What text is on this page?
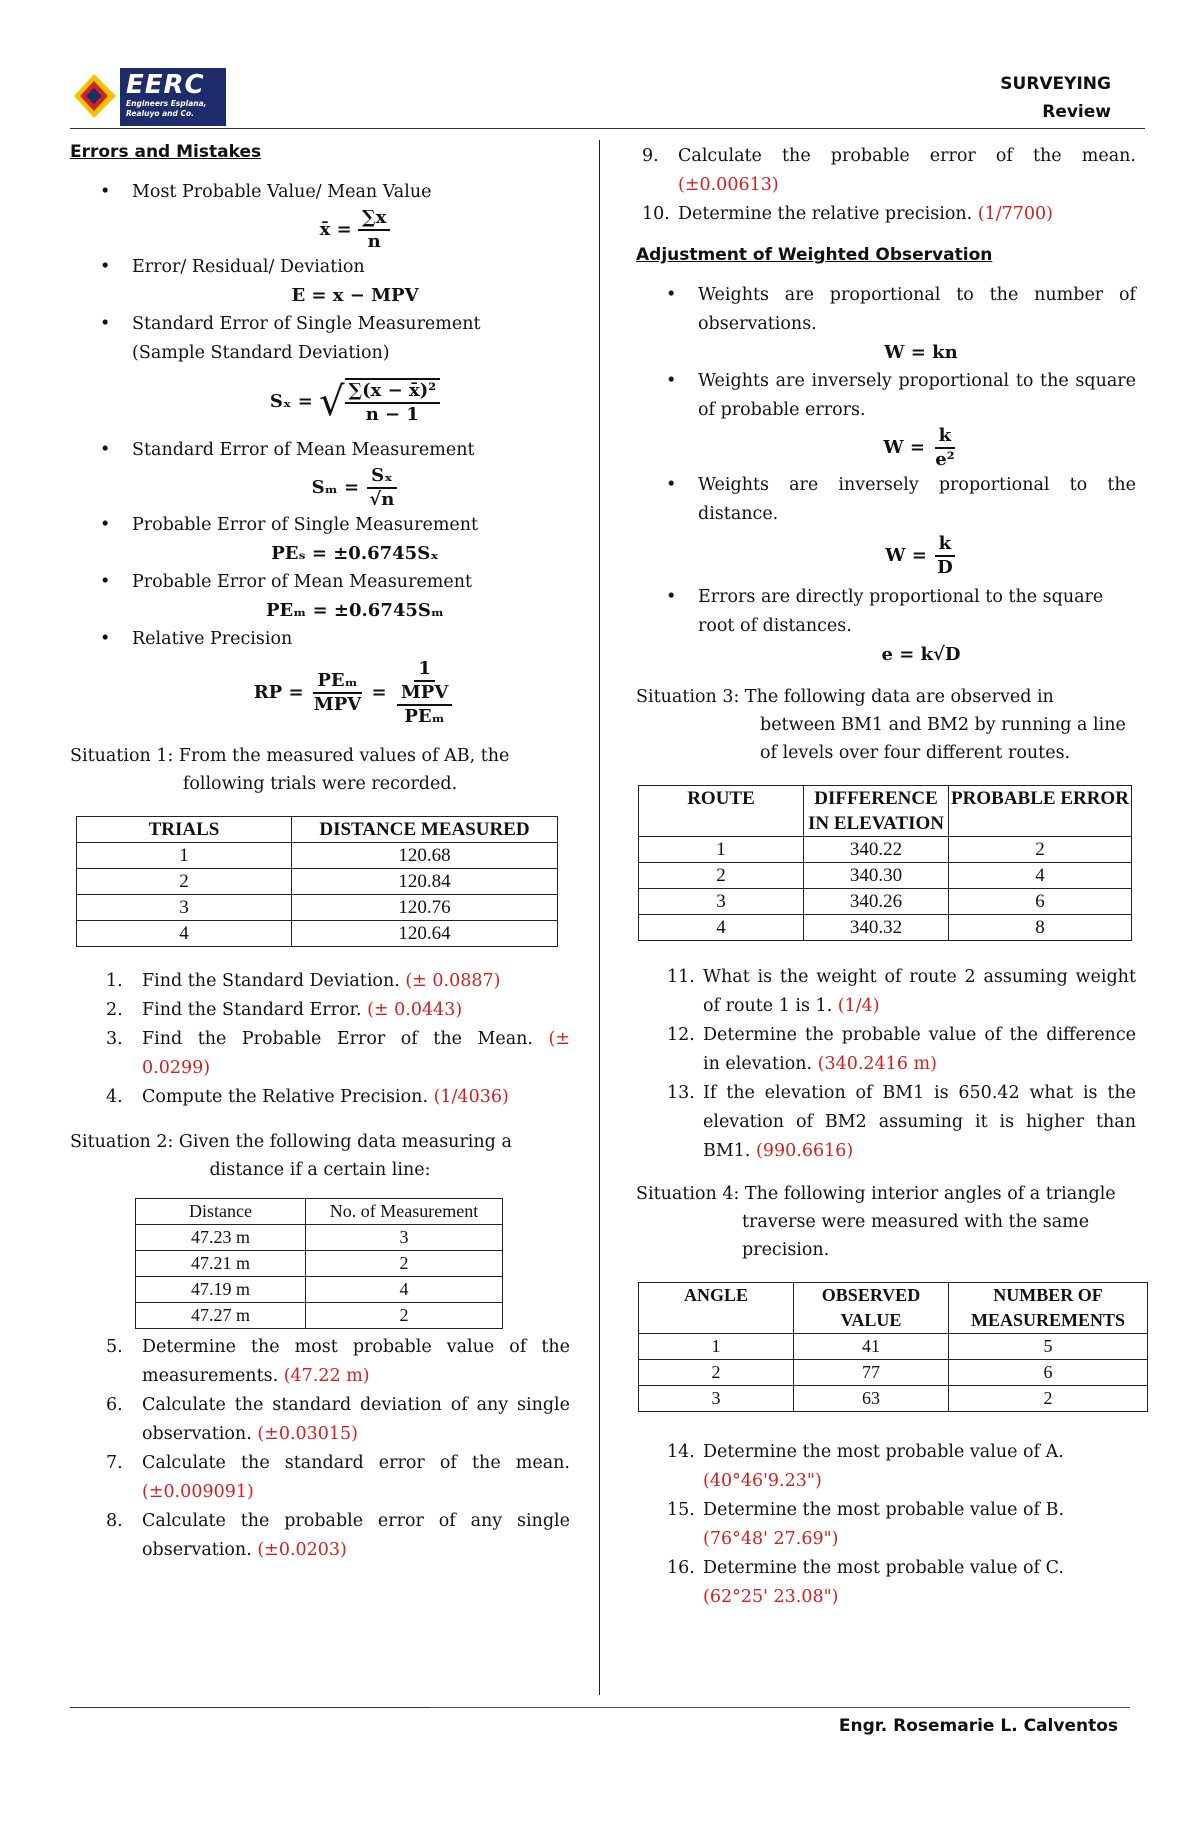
EERC
Engineers Esplana,
Realuyo and Co.
SURVEYING
Review
Errors and Mistakes
• Most Probable Value/ Mean Value
x̄ = $\frac{\sum x}{n}$
• Error/ Residual/ Deviation
E = x − MPV
• Standard Error of Single Measurement
(Sample Standard Deviation)
Sₓ = √ $\frac{\text{∑(x − x̄)²}}{n - 1}$
• Standard Error of Mean Measurement
$S_m = \frac{\text{Sₓ}}{√n}$
• Probable Error of Single Measurement
PEₛ = ±0.6745Sₓ
• Probable Error of Mean Measurement
PEₘ = ±0.6745Sₘ
• Relative Precision
RP = $\frac{\text{PEₘ}}{\text{MPV}} = \frac{1}{\frac{\text{MPV}}{\text{PEₘ}}}$
Situation 1: From the measured values of AB, the
following trials were recorded.
TRIALS	DISTANCE MEASURED
1	120.68
2	120.84
3	120.76
4	120.64
1. Find the Standard Deviation. (± 0.0887)
2. Find the Standard Error. (± 0.0443)
3. Find the Probable Error of the Mean. (± 0.0299)
4. Compute the Relative Precision. (1/4036)
Situation 2: Given the following data measuring a
distance if a certain line:
Distance	No. of Measurement
47.23 m	3
47.21 m	2
47.19 m	4
47.27 m	2
5. Determine the most probable value of the measurements. (47.22 m)
6. Calculate the standard deviation of any single observation. (±0.03015)
7. Calculate the standard error of the mean. (±0.009091)
8. Calculate the probable error of any single observation. (±0.0203)
9. Calculate the probable error of the mean. (±0.00613)
10. Determine the relative precision. (1/7700)
Adjustment of Weighted Observation
• Weights are proportional to the number of observations.
W = kn
• Weights are inversely proportional to the square of probable errors.
$W = \frac{k}{\text{e²}}$
• Weights are inversely proportional to the distance.
$W = \frac{k}{D}$
• Errors are directly proportional to the square root of distances.
e = k√D
Situation 3: The following data are observed in
between BM1 and BM2 by running a line
of levels over four different routes.
ROUTE	DIFFERENCE IN ELEVATION	PROBABLE ERROR
1	340.22	2
2	340.30	4
3	340.26	6
4	340.32	8
11. What is the weight of route 2 assuming weight of route 1 is 1. (1/4)
12. Determine the probable value of the difference in elevation. (340.2416 m)
13. If the elevation of BM1 is 650.42 what is the elevation of BM2 assuming it is higher than BM1. (990.6616)
Situation 4: The following interior angles of a triangle
traverse were measured with the same
precision.
ANGLE	OBSERVED VALUE	NUMBER OF MEASUREMENTS
1	41	5
2	77	6
3	63	2
14. Determine the most probable value of A.
(40°46'9.23")
15. Determine the most probable value of B.
(76°48' 27.69")
16. Determine the most probable value of C.
(62°25' 23.08")
Engr. Rosemarie L. Calventos
